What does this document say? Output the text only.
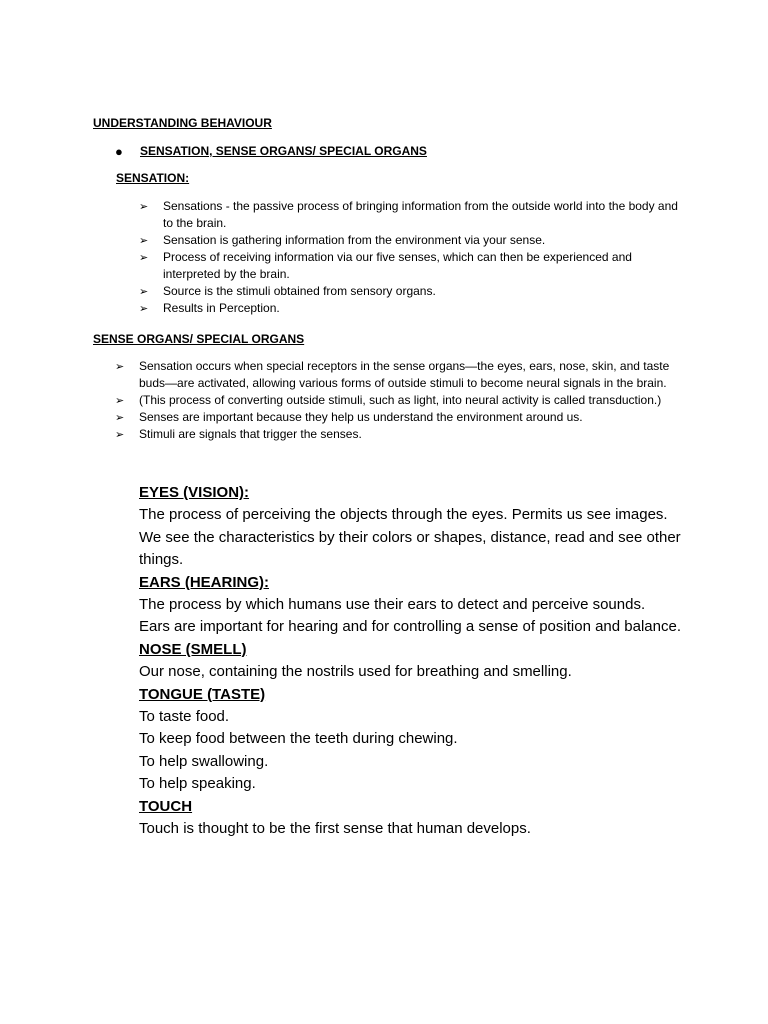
UNDERSTANDING BEHAVIOUR
● SENSATION, SENSE ORGANS/ SPECIAL ORGANS
SENSATION:
➢	Sensations - the passive process of bringing information from the outside world into the body and to the brain.
➢	Sensation is gathering information from the environment via your sense.
➢	Process of receiving information via our five senses, which can then be experienced and interpreted by the brain.
➢	Source is the stimuli obtained from sensory organs.
➢	Results in Perception.
SENSE ORGANS/ SPECIAL ORGANS
➢	Sensation occurs when special receptors in the sense organs—the eyes, ears, nose, skin, and taste buds—are activated, allowing various forms of outside stimuli to become neural signals in the brain.
➢	(This process of converting outside stimuli, such as light, into neural activity is called transduction.)
➢	Senses are important because they help us understand the environment around us.
➢	Stimuli are signals that trigger the senses.

EYES (VISION):

The process of perceiving the objects through the eyes. Permits us see images.

We see the characteristics by their colors or shapes, distance, read and see other things.

EARS (HEARING):

The process by which humans use their ears to detect and perceive sounds.

Ears are important for hearing and for controlling a sense of position and balance.

NOSE (SMELL)

Our nose, containing the nostrils used for breathing and smelling.

TONGUE (TASTE)

To taste food.

To keep food between the teeth during chewing.

To help swallowing.

To help speaking.

TOUCH

Touch is thought to be the first sense that human develops.
